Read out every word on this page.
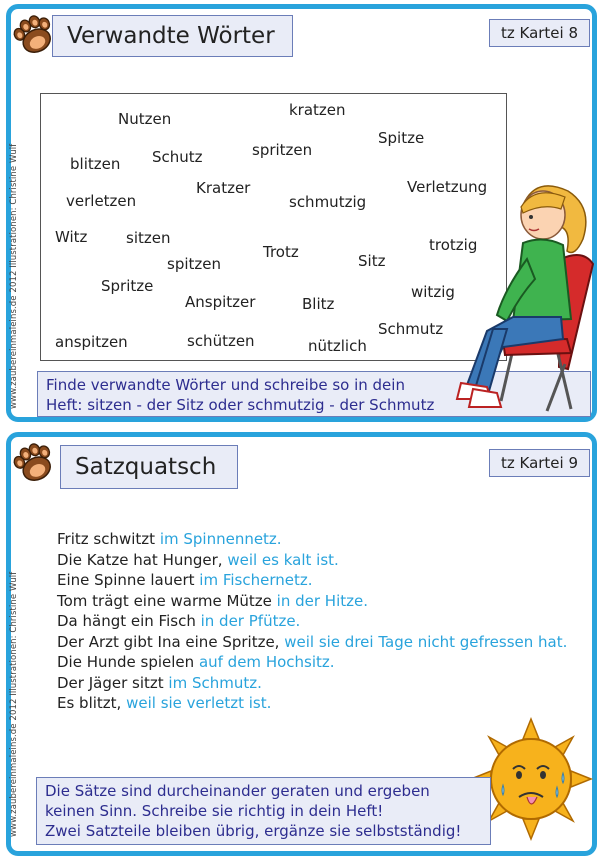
www.zaubereinmaleins.de 2012 Illustrationen: Christine Wulf
Verwandte Wörter	tz Kartei 8
Nutzen	kratzen
Spitze
Schutz	spritzen
blitzen
Kratzer	Verletzung
verletzen	schmutzig
Witz	sitzen	trotzig
Trotz
spitzen	Sitz
Spritze	witzig
Anspitzer	Blitz
Schmutz
anspitzen	schützen	nützlich
Finde verwandte Wörter und schreibe so in dein
Heft: sitzen - der Sitz oder schmutzig - der Schmutz
www.zaubereinmaleins.de 2012 Illustrationen: Christine Wulf
Satzquatsch	tz Kartei 9
Fritz schwitzt im Spinnennetz.
Die Katze hat Hunger, weil es kalt ist.
Eine Spinne lauert im Fischernetz.
Tom trägt eine warme Mütze in der Hitze.
Da hängt ein Fisch in der Pfütze.
Der Arzt gibt Ina eine Spritze, weil sie drei Tage nicht gefressen hat.
Die Hunde spielen auf dem Hochsitz.
Der Jäger sitzt im Schmutz.
Es blitzt, weil sie verletzt ist.
Die Sätze sind durcheinander geraten und ergeben
keinen Sinn. Schreibe sie richtig in dein Heft!
Zwei Satzteile bleiben übrig, ergänze sie selbstständig!
